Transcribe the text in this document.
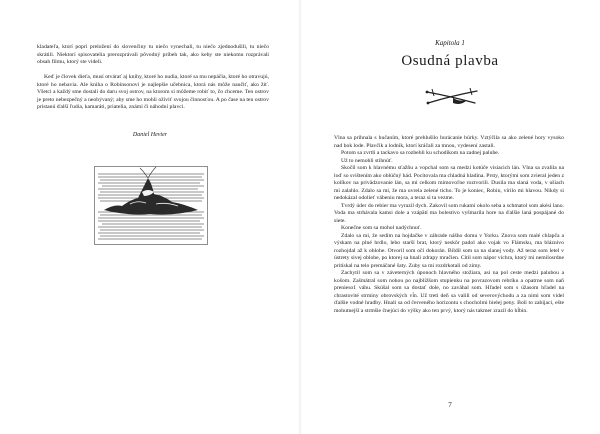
kladateľa, ktorí popri preložení do slovenčiny tu niečo vynechali, tu niečo zjednodušili, tu niečo skrátili. Niektorí spisovatelia prerozprávali pôvodný príbeh tak, ako keby ste niekomu rozprávali obsah filmu, ktorý ste videli.

Keď je človek dieťa, musí otvárať aj knihy, ktoré ho nudia, ktoré sa mu nepáčia, ktoré ho otravujú, ktoré ho nebavia. Ale kniha o Robinsonovi je najlepšie učebnica, ktorá nás môže naučiť, ako žiť. Všetci a každý sme dostali do daru svoj ostrov, na ktorom si môžeme robiť to, čo chceme. Ten ostrov je preto nebezpečný a neobývaný; aby sme ho mohli oživiť svojou činnosťou. A po čase na ten ostrov pristanú ďalší ľudia, kamaráti, priatelia, známi či náhodní plavci.

Daniel Hevier

Kapitola 1

Osudná plavba

Vlna sa prihnala s hučaním, ktoré prehlušilo burácanie búrky. Vztýčila sa ako zelené hory vysoko nad bok lode. Plavčík a lodník, ktorí kráčali za mnou, vydesení zastali.

Potom sa zvrtli a tackavo sa rozbehli ku schodíkom na zadnej palube.

Už to nemohli stihnúť.

Skočil som k hlavnému sťažňu a vopchal som sa medzi kotúče visiacich lán. Vlna sa zvalila na loď so svištením ako oblúčný hád. Pocítovala ma chladná hladina. Prsty, ktorými som zvieral jeden z kolíkov na privädzovanie lán, sa mi celkom mimovoľne roztvorili. Dusila ma slaná voda, v ušiach mi zalahlo. Zdalo sa mi, že ma uvrela zelené ticho. To je koniec, Robin, vírilo mi hlavou. Nikdy si nedokázal odolieť vábeniu mora, a teraz si ta vezme.

Tvrdý úder do rebier ma vyrazil dych. Zakovil som rukami okolo seba a schmatol som akési lano. Voda ma strhávala kamsi dole a vzápätí ma bolestivo vyšmarila hore na ďalšie laná pospájané do siete.

Konečne som sa mohol nadýchnuť.

Zdalo sa mi, že sedím na hojdačke v záhrade nášho domu v Yorku. Znova som malé chlapča a výskam na plné hrdlo, lebo starší brat, ktorý neskôr padol ako vojak vo Flámsku, ma bláznivo rozhojdal až k oblohe. Otvoril som oči dokorán. Bildil som sa na slanej vody. Až teraz som letel v ústrety sivej oblohe, po ktorej sa hnali zdrapy mračien. Cítil som nápor vichra, ktorý mi nemilosrdne pritískal na telo premáčané šaty. Zuby sa mi rozdrkotali od zimy.

Zachytil som sa v záveterných úponoch hlavného stožiara, asi na pol ceste medzi palubou a košom. Zašmátral som nohou po najbližšom stupienku na povrazovom rebríku a opatrne som naň prenieso1 váhu. Skúšal som sa dostať dole, no zaváhal som. Hľadel som s úžasom hľadel na chrastovité strminy obrovských vĺn. Už treti deň sa valili od severovýchodu a za nimi som videl ďalšie vodné hradby. Hnali sa od červeného horizontu s chocholmi bielej peny. Boli to zabijaci, ešte mohutnejší a strmšie čnejúci do výšky ako ten prvý, ktorý nás takmer zrazil do hĺbin.

7
